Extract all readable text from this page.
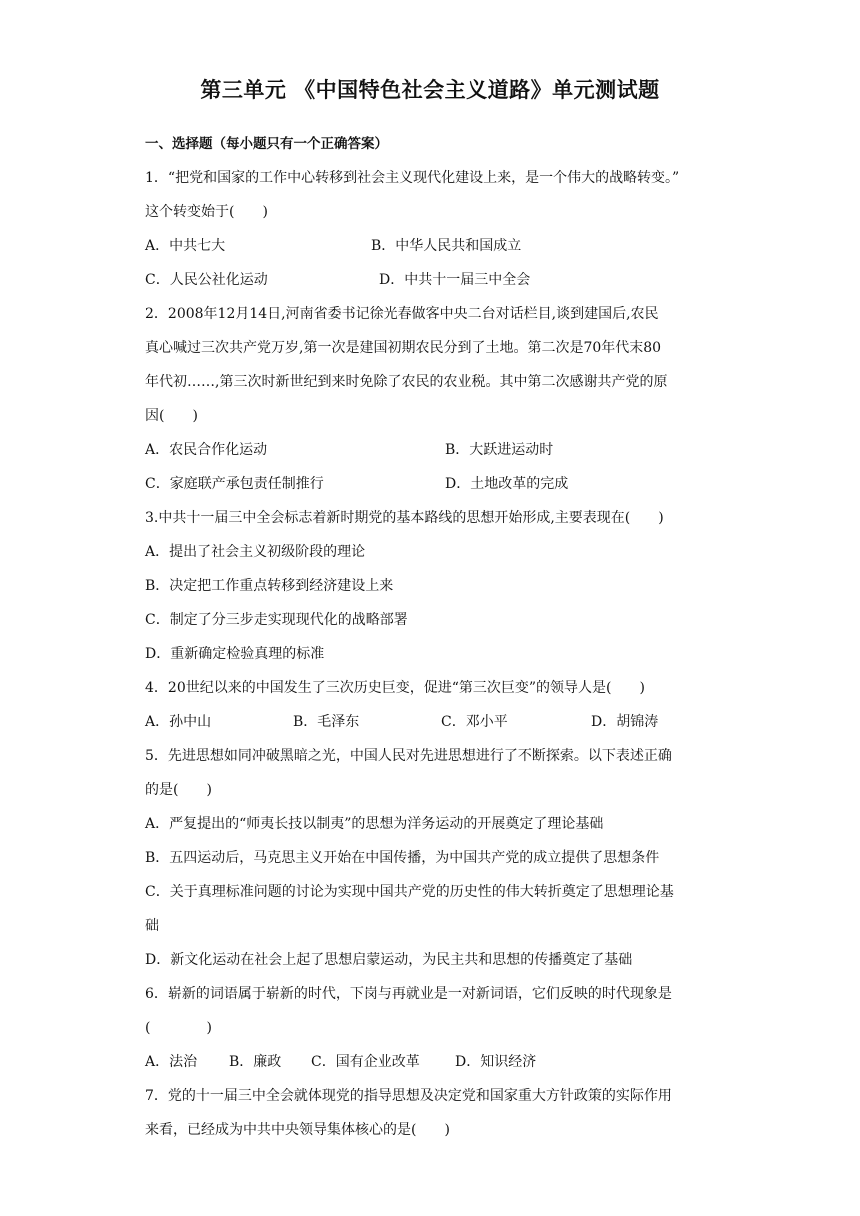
第三单元 《中国特色社会主义道路》单元测试题
一、选择题（每小题只有一个正确答案）
1．“把党和国家的工作中心转移到社会主义现代化建设上来，是一个伟大的战略转变。”
这个转变始于(　　)
A．中共七大	B．中华人民共和国成立
C．人民公社化运动	D．中共十一届三中全会
2．2008年12月14日,河南省委书记徐光春做客中央二台对话栏目,谈到建国后,农民
真心喊过三次共产党万岁,第一次是建国初期农民分到了土地。第二次是70年代末80
年代初……,第三次时新世纪到来时免除了农民的农业税。其中第二次感谢共产党的原
因(　　)
A．农民合作化运动	B．大跃进运动时
C．家庭联产承包责任制推行	D．土地改革的完成
3.中共十一届三中全会标志着新时期党的基本路线的思想开始形成,主要表现在(　　)
A．提出了社会主义初级阶段的理论
B．决定把工作重点转移到经济建设上来
C．制定了分三步走实现现代化的战略部署
D．重新确定检验真理的标准
4．20世纪以来的中国发生了三次历史巨变，促进“第三次巨变”的领导人是(　　)
A．孙中山	B．毛泽东	C．邓小平	D．胡锦涛
5．先进思想如同冲破黑暗之光，中国人民对先进思想进行了不断探索。以下表述正确
的是(　　)
A．严复提出的“师夷长技以制夷”的思想为洋务运动的开展奠定了理论基础
B．五四运动后，马克思主义开始在中国传播，为中国共产党的成立提供了思想条件
C．关于真理标准问题的讨论为实现中国共产党的历史性的伟大转折奠定了思想理论基
础
D．新文化运动在社会上起了思想启蒙运动，为民主共和思想的传播奠定了基础
6．崭新的词语属于崭新的时代，下岗与再就业是一对新词语，它们反映的时代现象是
(　　　　)
A．法治	B．廉政	C．国有企业改革	D．知识经济
7．党的十一届三中全会就体现党的指导思想及决定党和国家重大方针政策的实际作用
来看，已经成为中共中央领导集体核心的是(　　)
